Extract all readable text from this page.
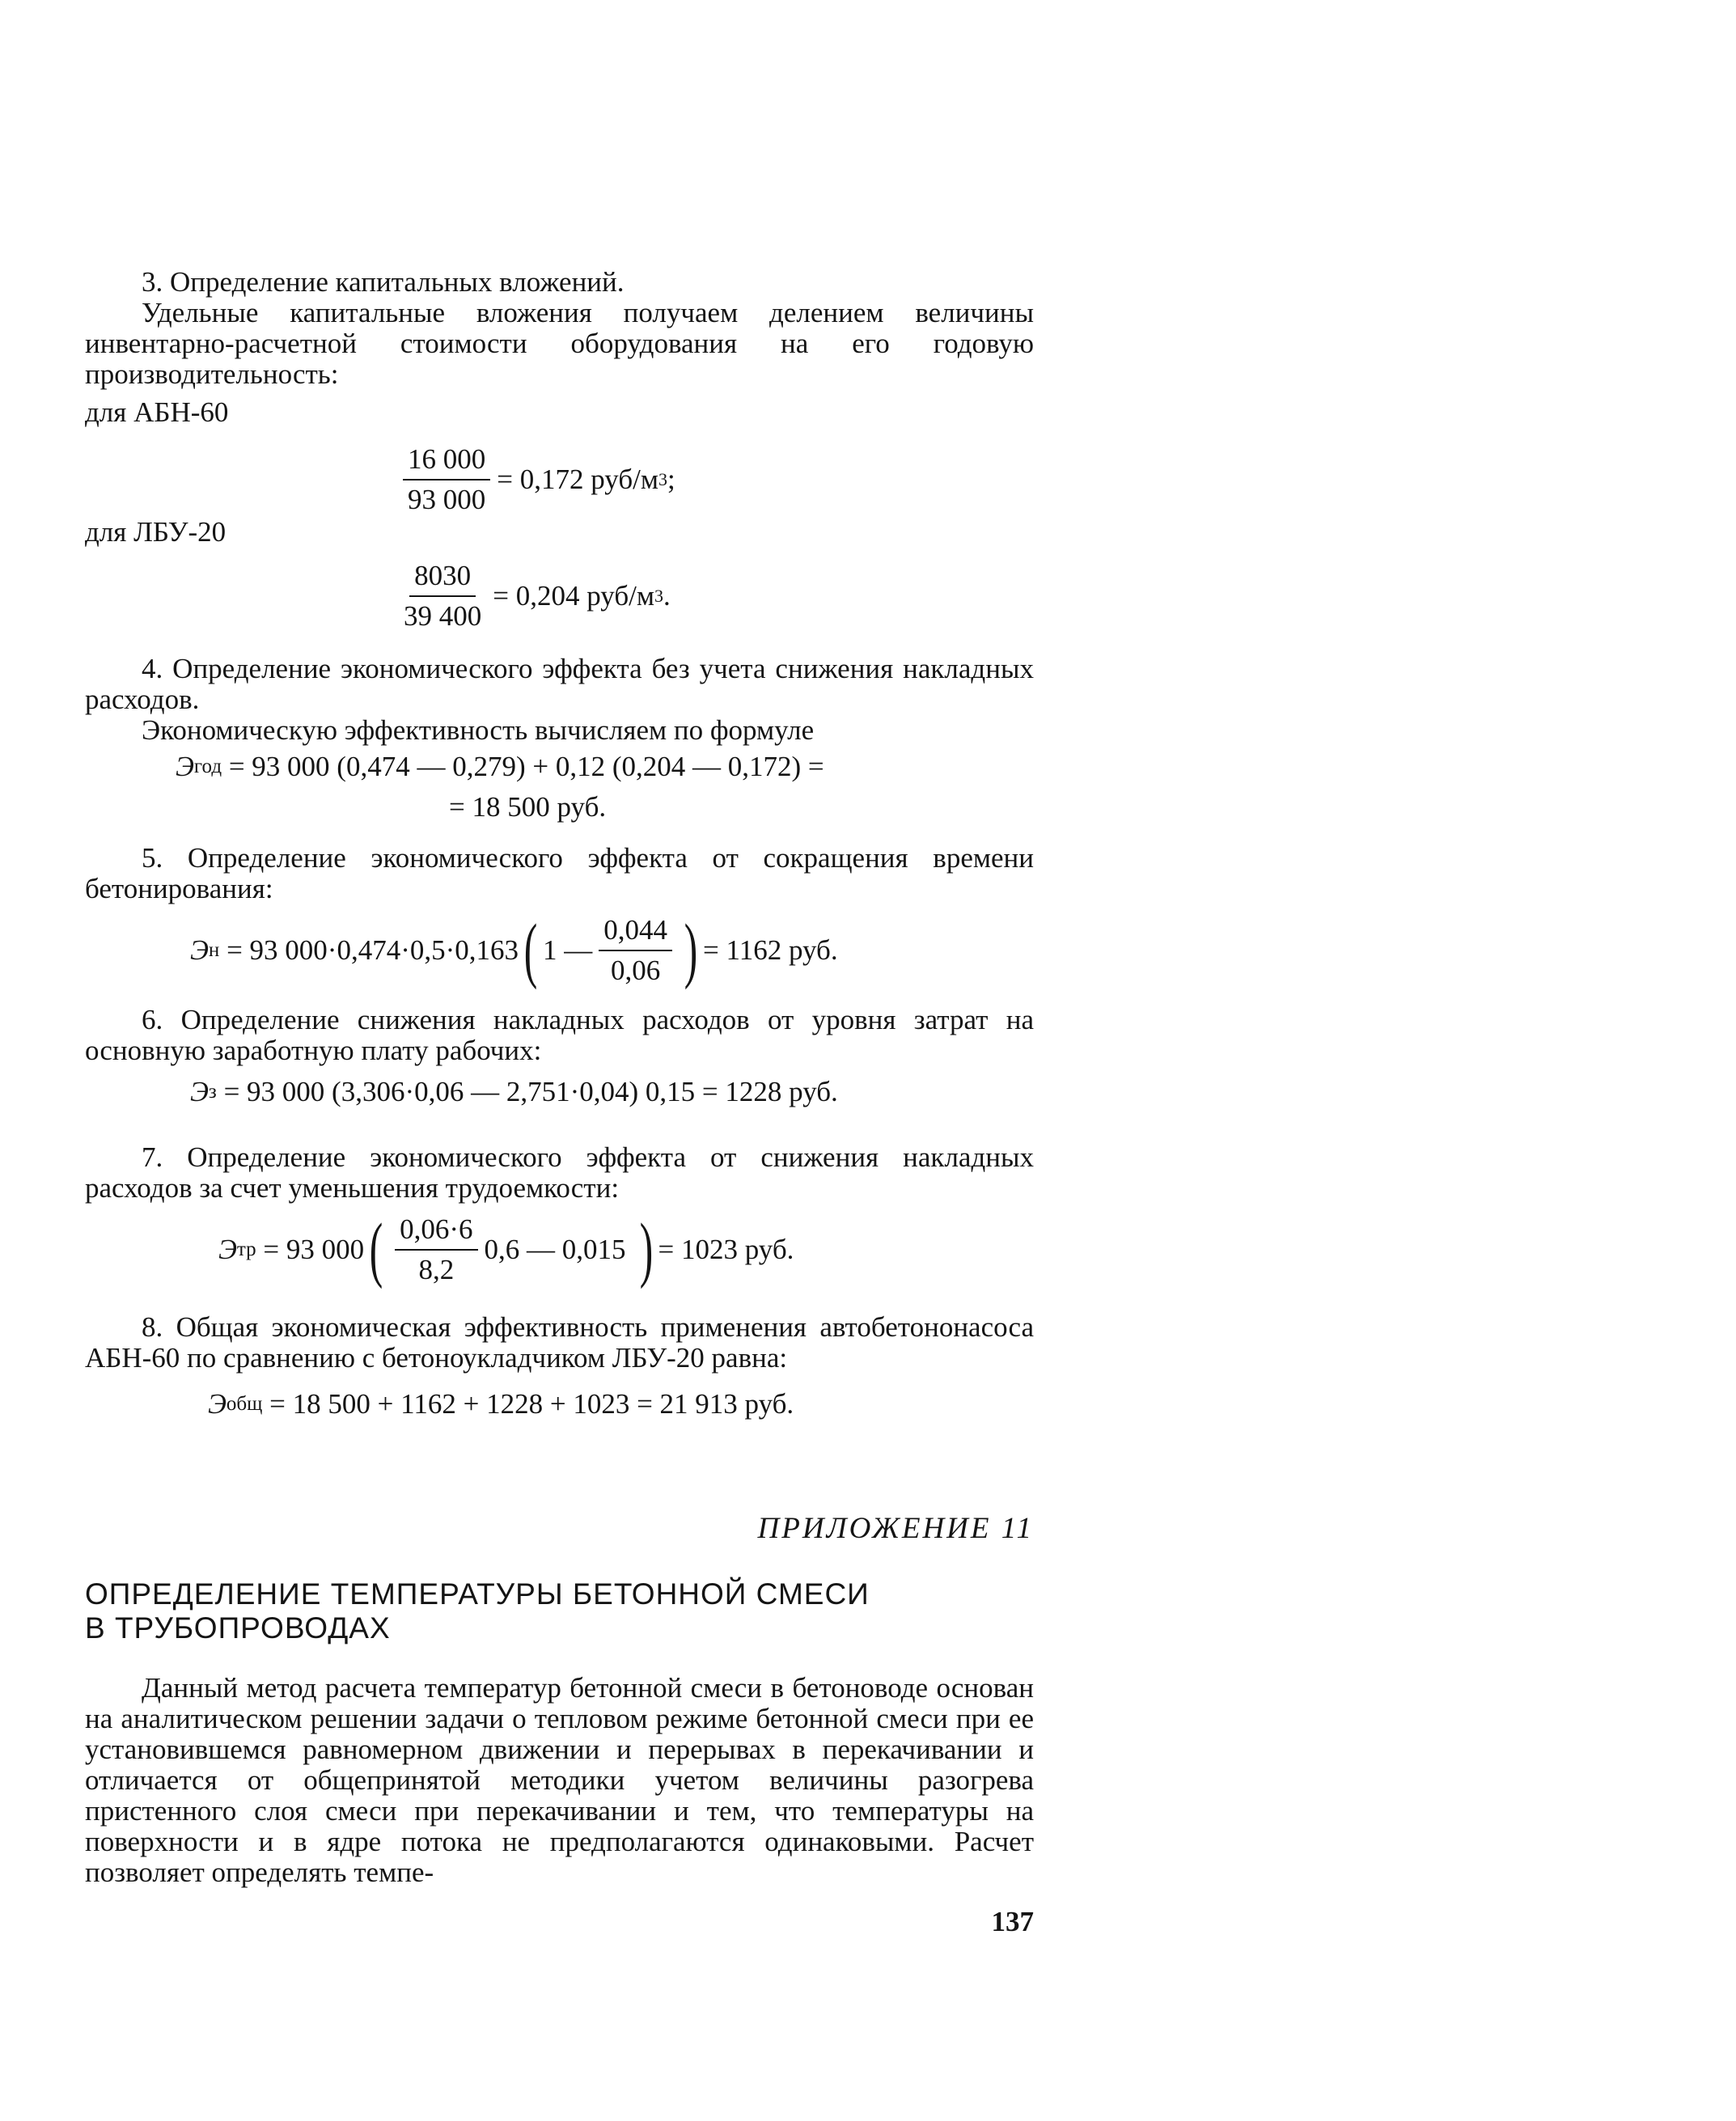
3. Определение капитальных вложений.
Удельные капитальные вложения получаем делением величины инвентарно-расчетной стоимости оборудования на его годовую производительность:
для АБН-60
$\frac{16 000}{93 000} = 0,172$ руб/м 3 ;
для ЛБУ-20
$\frac{8030}{39 400} = 0,204$ руб/м 3 .
4. Определение экономического эффекта без учета снижения накладных расходов.
Экономическую эффективность вычисляем по формуле
Э год
= 93 000 (0,474 — 0,279) + 0,12 (0,204 — 0,172) =
= 18 500 руб.
5. Определение экономического эффекта от сокращения времени бетонирования:
Э н
= 93 000·0,474·0,5·0,163 ( 1 — $\frac{0,044}{0,06}$ ) = 1162 руб.
6. Определение снижения накладных расходов от уровня затрат на основную заработную плату рабочих:
Э з
= 93 000 (3,306·0,06 — 2,751·0,04) 0,15 = 1228 руб.
7. Определение экономического эффекта от снижения накладных расходов за счет уменьшения трудоемкости:
Э тр
= 93 000 ( $\frac{0,06\cdot 6}{8,2} 0,6$ — 0,015 ) = 1023 руб.
8. Общая экономическая эффективность применения автобетононасоса АБН-60 по сравнению с бетоноукладчиком ЛБУ-20 равна:
Э общ
= 18 500 + 1162 + 1228 + 1023 = 21 913 руб.
ПРИЛОЖЕНИЕ 11
ОПРЕДЕЛЕНИЕ ТЕМПЕРАТУРЫ БЕТОННОЙ СМЕСИ
В ТРУБОПРОВОДАХ
Данный метод расчета температур бетонной смеси в бетоноводе основан на аналитическом решении задачи о тепловом режиме бетонной смеси при ее установившемся равномерном движении и перерывах в перекачивании и отличается от общепринятой методики учетом величины разогрева пристенного слоя смеси при перекачивании и тем, что температуры на поверхности и в ядре потока не предполагаются одинаковыми. Расчет позволяет определять темпе-
137
